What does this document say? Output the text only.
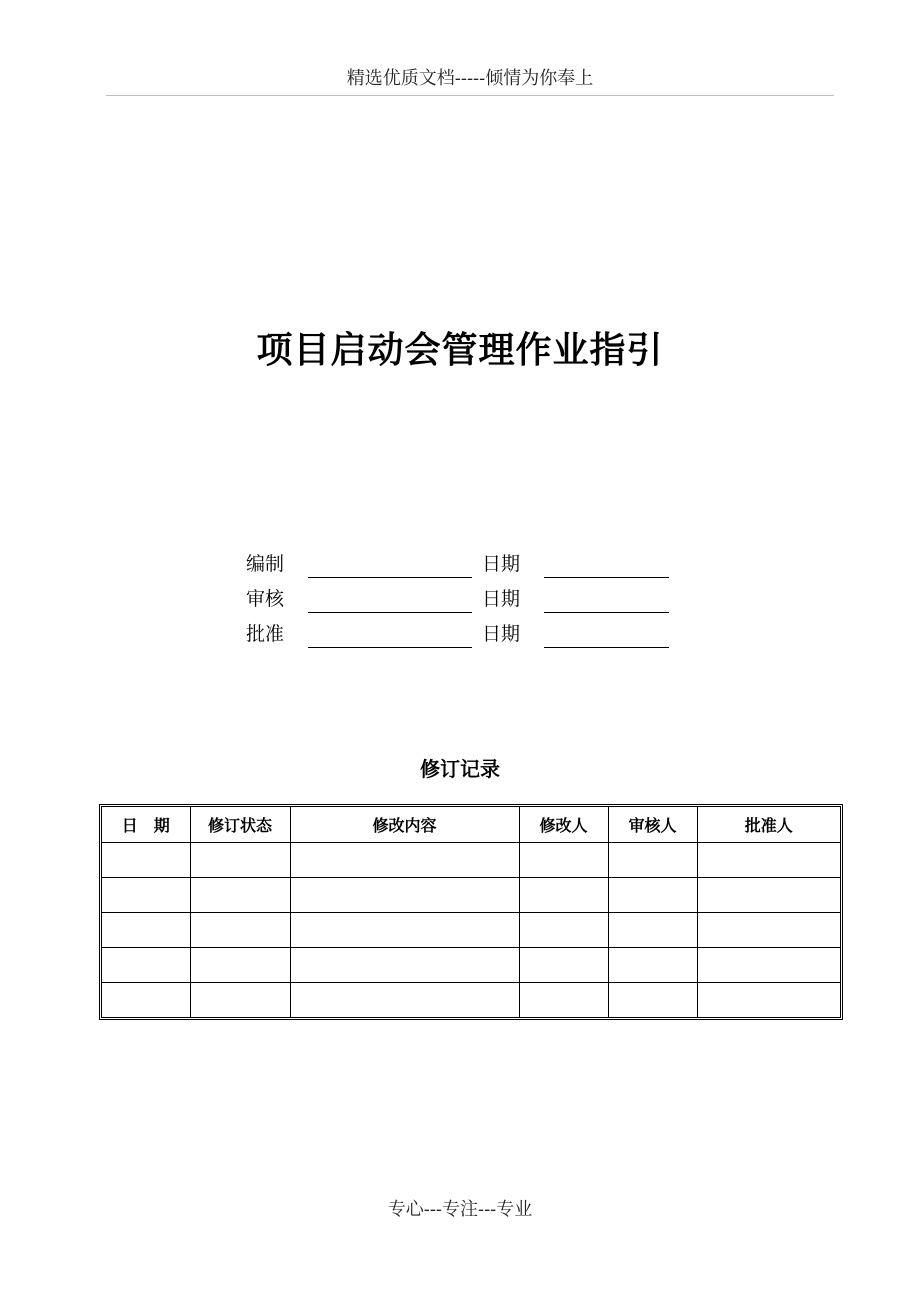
精选优质文档-----倾情为你奉上
项目启动会管理作业指引
编制	日期
审核	日期
批准	日期
修订记录
日　期	修订状态	修改内容	修改人	审核人	批准人

专心---专注---专业
